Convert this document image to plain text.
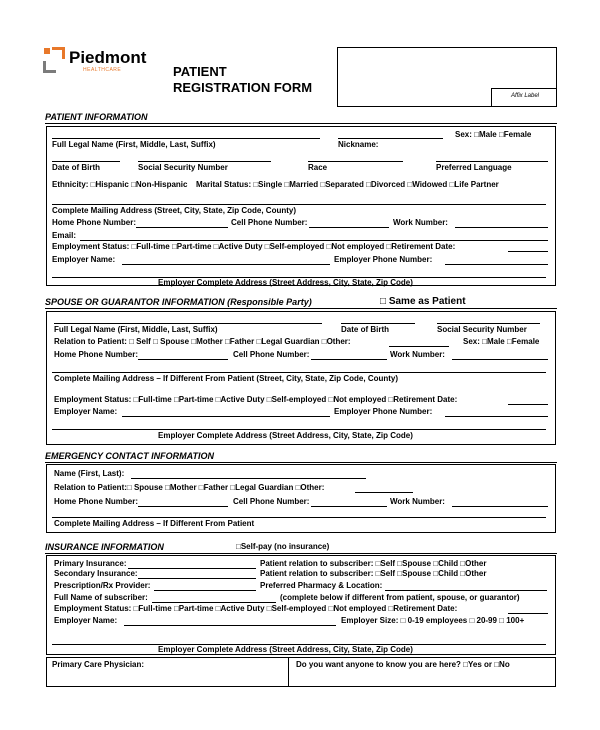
Piedmont
HEALTHCARE	PATIENT
REGISTRATION FORM
Affix Label
PATIENT INFORMATION
Full Legal Name (First, Middle, Last, Suffix)	Nickname:
Sex: □Male □Female
Date of Birth	Social Security Number	Race	Preferred Language
Ethnicity: □Hispanic □Non-Hispanic Marital Status: □Single □Married □Separated □Divorced □Widowed □Life Partner
Complete Mailing Address (Street, City, State, Zip Code, County)
Home Phone Number:	Cell Phone Number:	Work Number:
Email:
Employment Status: □Full-time □Part-time □Active Duty □Self-employed □Not employed □Retirement Date:
Employer Name:	Employer Phone Number:
Employer Complete Address (Street Address, City, State, Zip Code)
SPOUSE OR GUARANTOR INFORMATION (Responsible Party)	□ Same as Patient
Full Legal Name (First, Middle, Last, Suffix)	Date of Birth	Social Security Number
Relation to Patient: □ Self □ Spouse □Mother □Father □Legal Guardian □Other:	Sex: □Male □Female
Home Phone Number:	Cell Phone Number:	Work Number:
Complete Mailing Address – If Different From Patient (Street, City, State, Zip Code, County)
Employment Status: □Full-time □Part-time □Active Duty □Self-employed □Not employed □Retirement Date:
Employer Name:	Employer Phone Number:
Employer Complete Address (Street Address, City, State, Zip Code)
EMERGENCY CONTACT INFORMATION
Name (First, Last):
Relation to Patient:□ Spouse □Mother □Father □Legal Guardian □Other:
Home Phone Number:	Cell Phone Number:	Work Number:
Complete Mailing Address – If Different From Patient
INSURANCE INFORMATION	□Self-pay (no insurance)
Primary Insurance:	Patient relation to subscriber: □Self □Spouse □Child □Other
Secondary Insurance:	Patient relation to subscriber: □Self □Spouse □Child □Other
Prescription/Rx Provider:	Preferred Pharmacy & Location:
Full Name of subscriber:	(complete below if different from patient, spouse, or guarantor)
Employment Status: □Full-time □Part-time □Active Duty □Self-employed □Not employed □Retirement Date:
Employer Name:	Employer Size: □ 0-19 employees □ 20-99 □ 100+
Employer Complete Address (Street Address, City, State, Zip Code)
Primary Care Physician:	Do you want anyone to know you are here? □Yes or □No
